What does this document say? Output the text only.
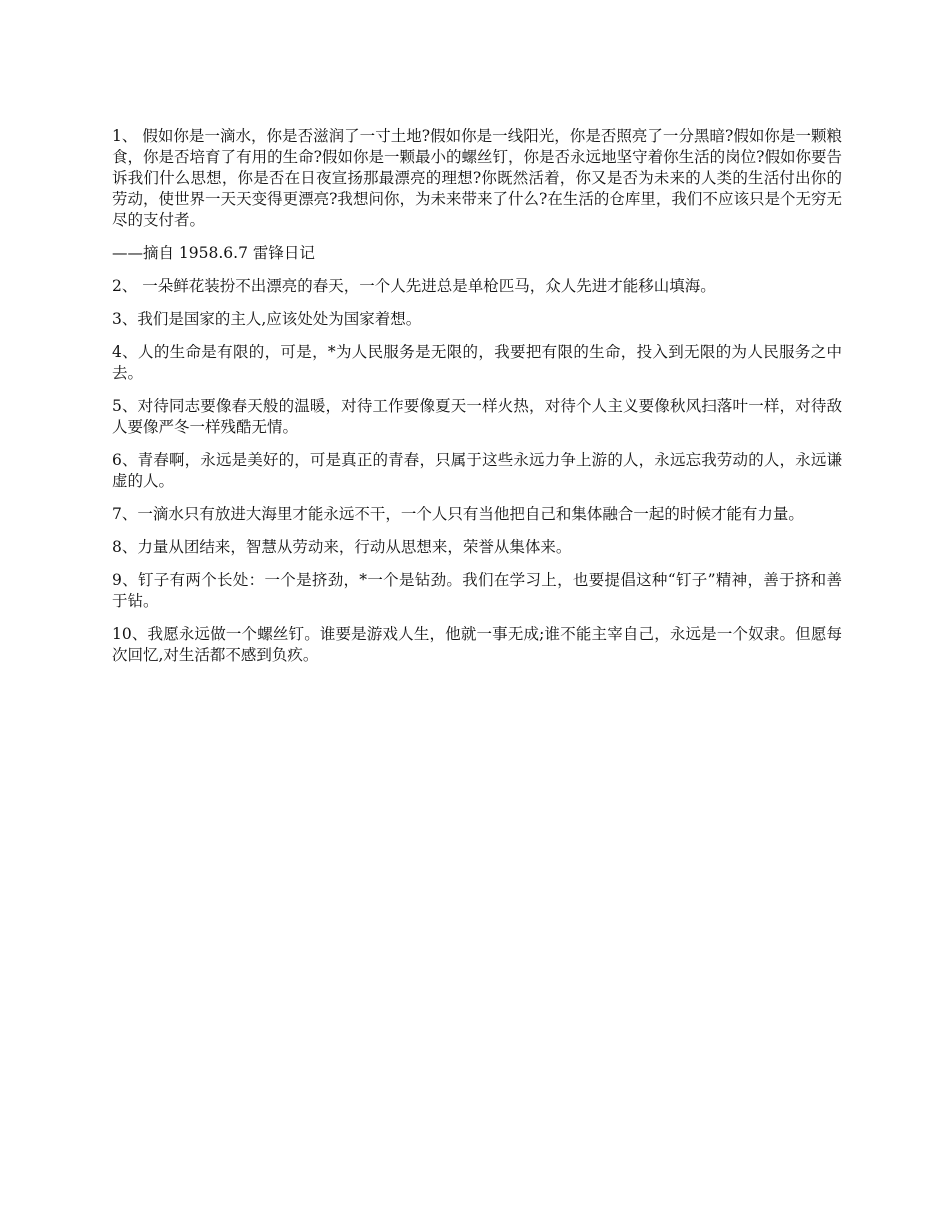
1、 假如你是一滴水，你是否滋润了一寸土地?假如你是一线阳光，你是否照亮了一分黑暗?假如你是一颗粮食，你是否培育了有用的生命?假如你是一颗最小的螺丝钉，你是否永远地坚守着你生活的岗位?假如你要告诉我们什么思想，你是否在日夜宣扬那最漂亮的理想?你既然活着，你又是否为未来的人类的生活付出你的劳动，使世界一天天变得更漂亮?我想问你，为未来带来了什么?在生活的仓库里，我们不应该只是个无穷无尽的支付者。

——摘自 1958.6.7 雷锋日记

2、 一朵鲜花装扮不出漂亮的春天，一个人先进总是单枪匹马，众人先进才能移山填海。

3、我们是国家的主人,应该处处为国家着想。

4、人的生命是有限的，可是，*为人民服务是无限的，我要把有限的生命，投入到无限的为人民服务之中去。

5、对待同志要像春天般的温暖，对待工作要像夏天一样火热，对待个人主义要像秋风扫落叶一样，对待敌人要像严冬一样残酷无情。

6、青春啊，永远是美好的，可是真正的青春，只属于这些永远力争上游的人，永远忘我劳动的人，永远谦虚的人。

7、一滴水只有放进大海里才能永远不干，一个人只有当他把自己和集体融合一起的时候才能有力量。

8、力量从团结来，智慧从劳动来，行动从思想来，荣誉从集体来。

9、钉子有两个长处：一个是挤劲，*一个是钻劲。我们在学习上，也要提倡这种“钉子”精神，善于挤和善于钻。

10、我愿永远做一个螺丝钉。谁要是游戏人生，他就一事无成;谁不能主宰自己，永远是一个奴隶。但愿每次回忆,对生活都不感到负疚。
